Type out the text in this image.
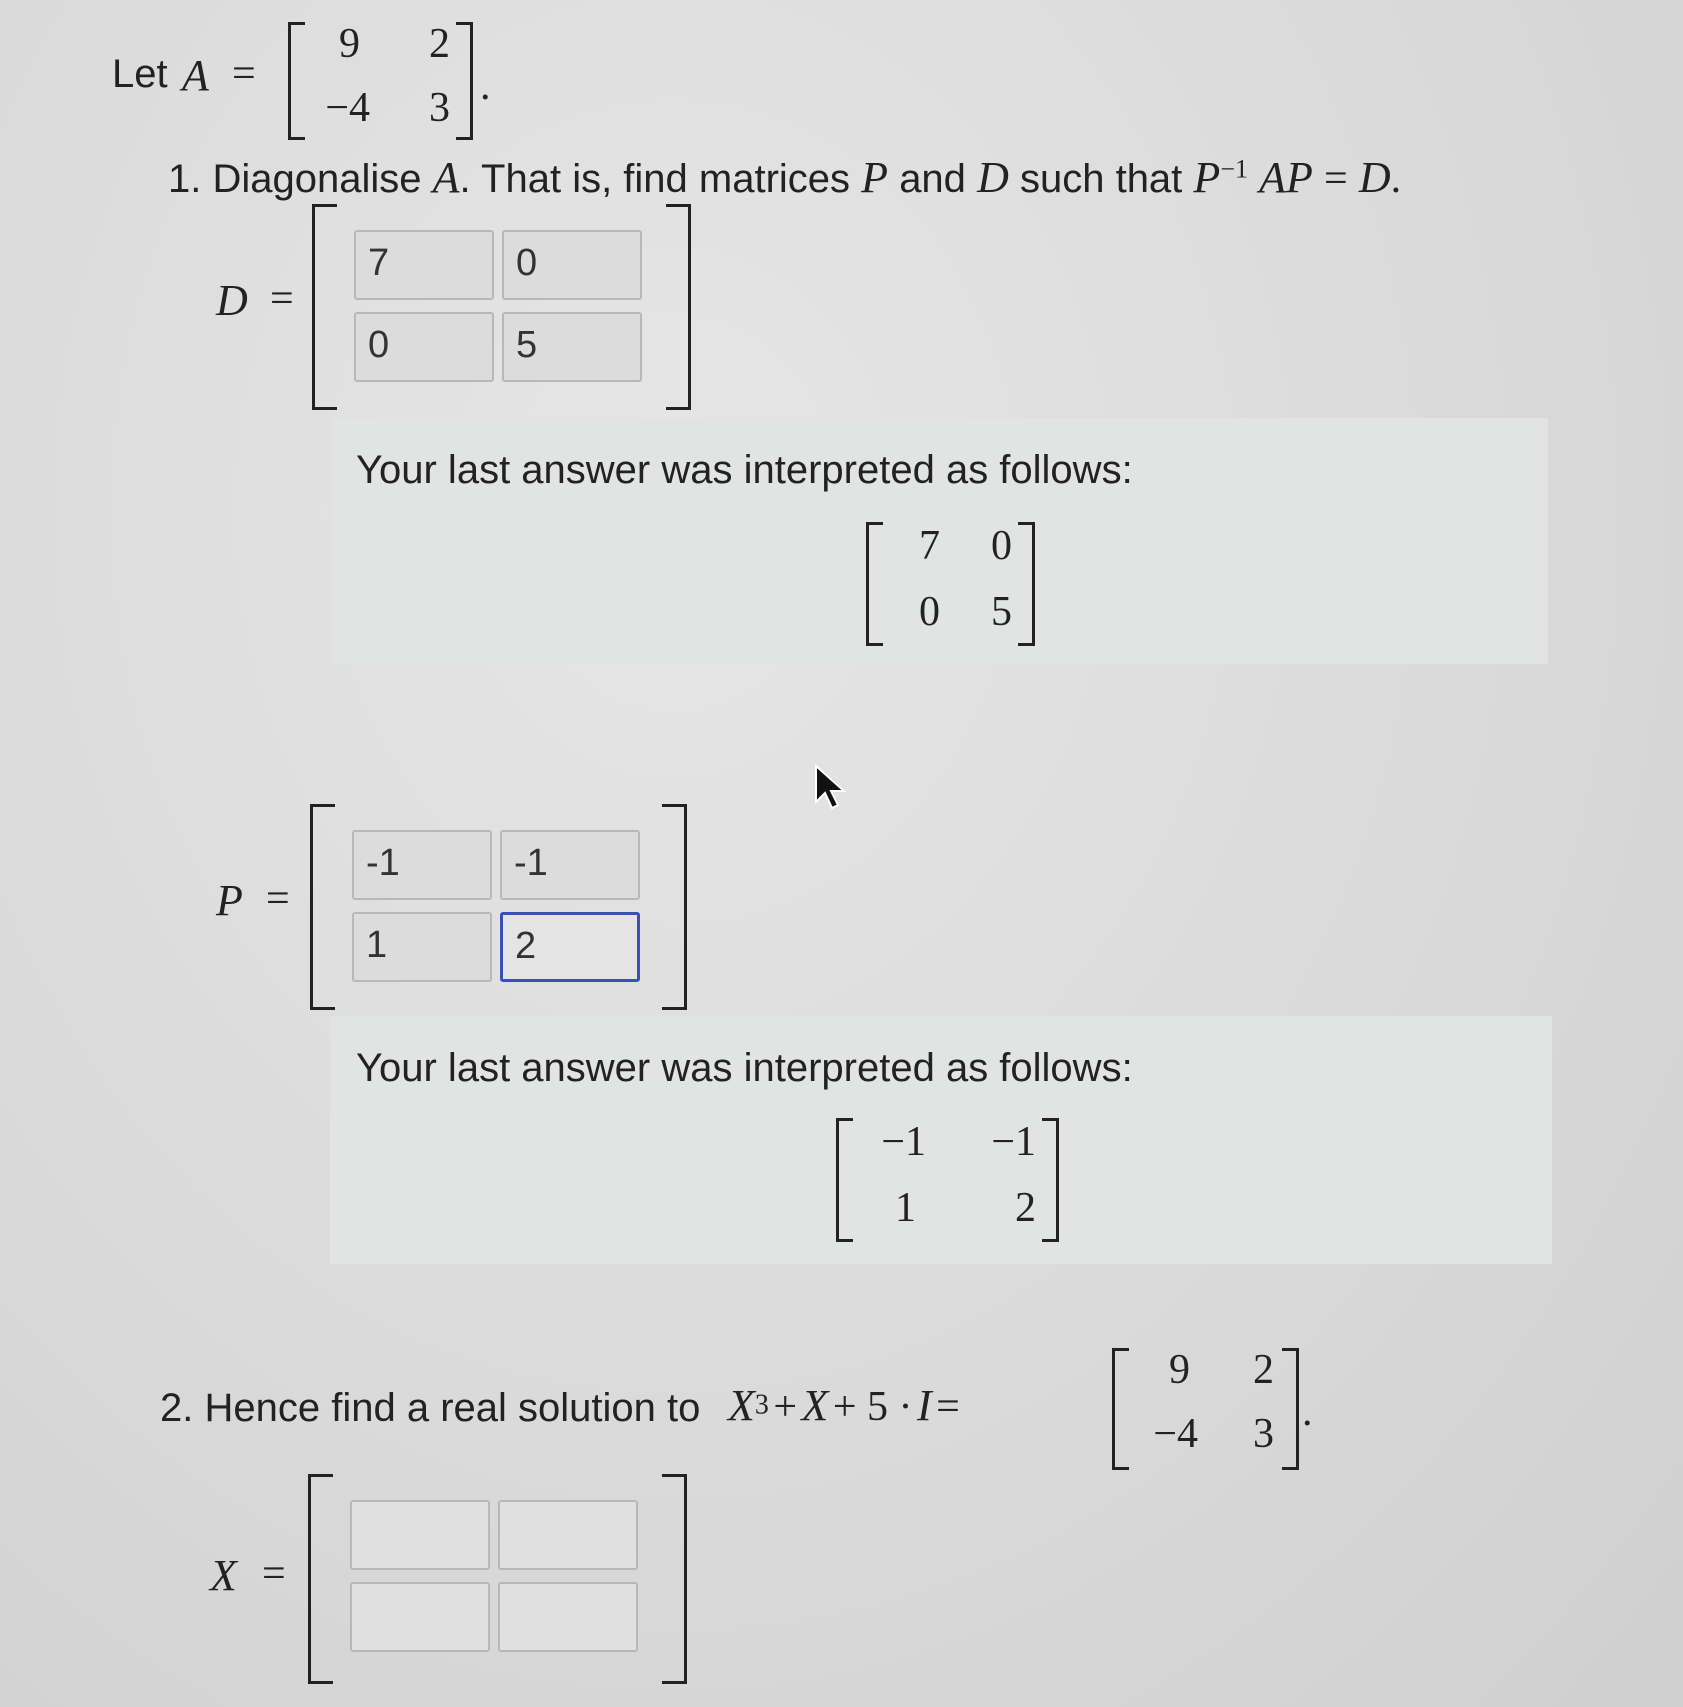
Let A =
9	2
−4	3 .
1. Diagonalise A. That is, find matrices P and D such that $P^{-1}$ AP = D.
D =
7	0
0	5
Your last answer was interpreted as follows:
7	0
0	5
P =
-1	-1
1	2
Your last answer was interpreted as follows:
−1	−1
1	2
2. Hence find a real solution to $X^3 + X + 5 \cdot I$ =
9	2
−4	3 .
X =
